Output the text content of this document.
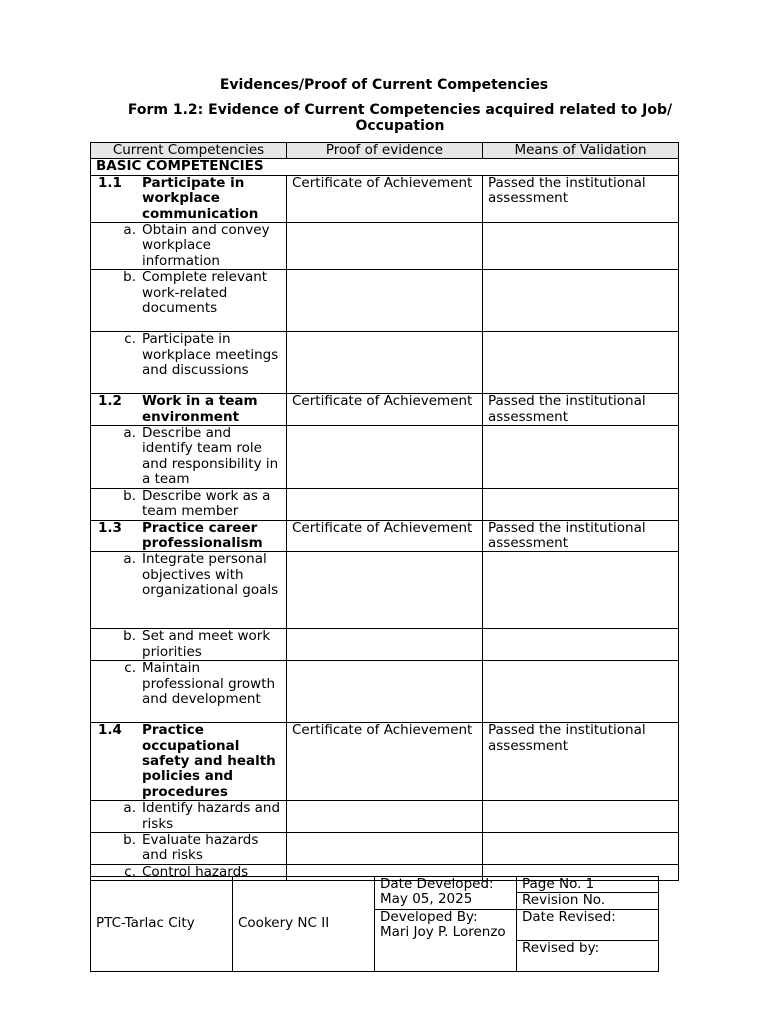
Evidences/Proof of Current Competencies
Form 1.2: Evidence of Current Competencies acquired related to Job/ Occupation
Current Competencies	Proof of evidence	Means of Validation
BASIC COMPETENCIES		

1.1 Participate in workplace communication	Certificate of Achievement	Passed the institutional assessment

a. Obtain and convey workplace information		

b. Complete relevant work-related documents		

c. Participate in workplace meetings and discussions		

1.2 Work in a team environment	Certificate of Achievement	Passed the institutional assessment

a. Describe and identify team role and responsibility in a team		

b. Describe work as a team member		

1.3 Practice career professionalism	Certificate of Achievement	Passed the institutional assessment

a. Integrate personal objectives with organizational goals		

b. Set and meet work priorities		

c. Maintain professional growth and development		

1.4 Practice occupational safety and health policies and procedures	Certificate of Achievement	Passed the institutional assessment

a. Identify hazards and risks		

b. Evaluate hazards and risks		

c. Control hazards		

PTC-Tarlac City	Cookery NC II	Date Developed: May 05, 2025	Page No. 1
			Revision No.
		Developed By: Mari Joy P. Lorenzo	Date Revised:
			Revised by:
